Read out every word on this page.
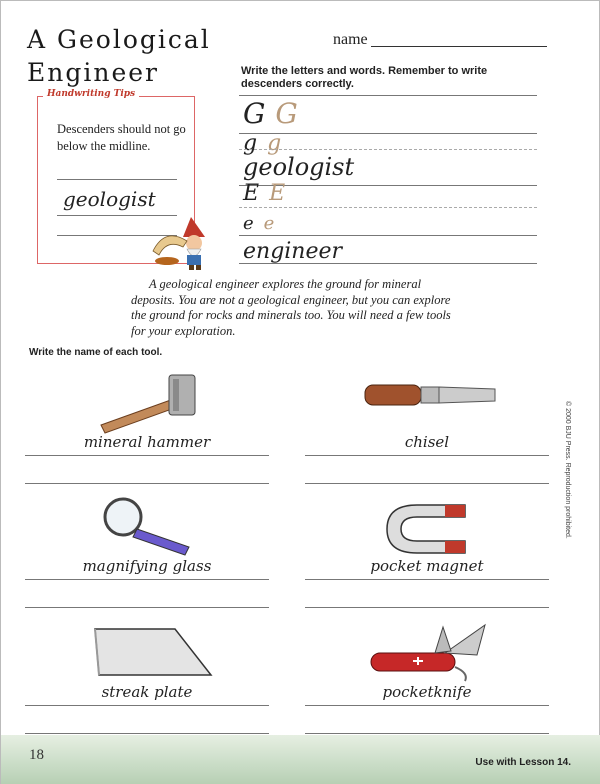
A Geological
Engineer
name
Write the letters and words. Remember to write descenders correctly.
Handwriting Tips
Descenders should not go below the midline.
geologist
G G
g g
geologist
E E
e e
engineer
A geological engineer explores the ground for mineral deposits. You are not a geological engineer, but you can explore the ground for rocks and minerals too. You will need a few tools for your exploration.
Write the name of each tool.
mineral hammer	chisel
magnifying glass	pocket magnet
streak plate	pocketknife
© 2000 BJU Press. Reproduction prohibited.
18	Use with Lesson 14.
